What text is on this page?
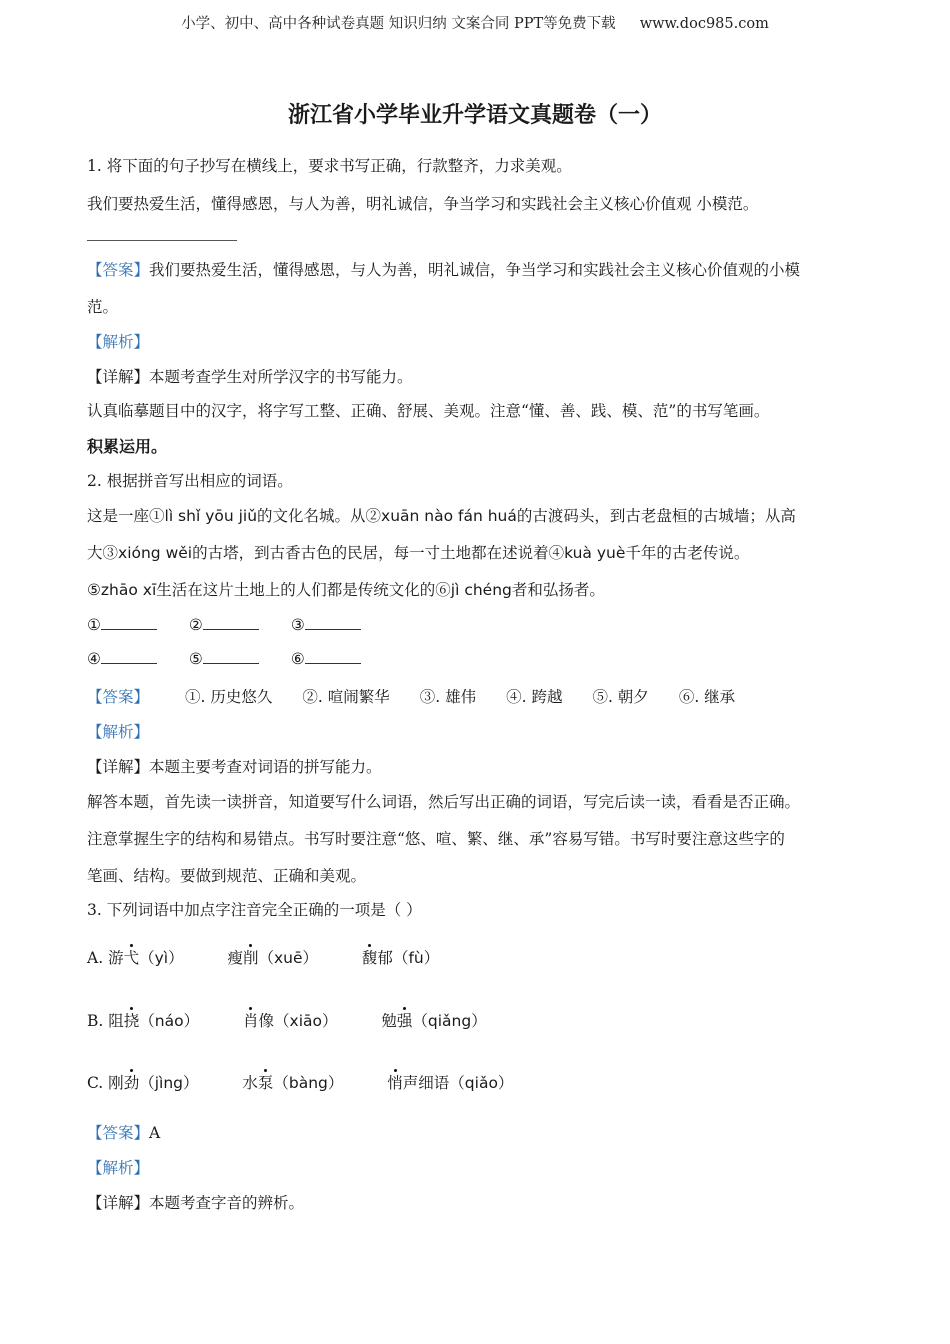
小学、初中、高中各种试卷真题 知识归纳 文案合同 PPT等免费下载 www.doc985.com
浙江省小学毕业升学语文真题卷（一）
1. 将下面的句子抄写在横线上，要求书写正确，行款整齐，力求美观。
我们要热爱生活，懂得感恩，与人为善，明礼诚信，争当学习和实践社会主义核心价值观 小模范。
【答案】我们要热爱生活，懂得感恩，与人为善，明礼诚信，争当学习和实践社会主义核心价值观的小模
范。
【解析】
【详解】本题考查学生对所学汉字的书写能力。
认真临摹题目中的汉字，将字写工整、正确、舒展、美观。注意“懂、善、践、模、范”的书写笔画。
积累运用。
2. 根据拼音写出相应的词语。
这是一座①lì shǐ yōu jiǔ的文化名城。从②xuān nào fán huá的古渡码头，到古老盘桓的古城墙；从高
大③xióng wěi的古塔，到古香古色的民居，每一寸土地都在述说着④kuà yuè千年的古老传说。
⑤zhāo xī生活在这片土地上的人们都是传统文化的⑥jì chéng者和弘扬者。
①	②	③
④	⑤	⑥
【答案】 ①. 历史悠久 ②. 喧闹繁华 ③. 雄伟 ④. 跨越 ⑤. 朝夕 ⑥. 继承
【解析】
【详解】本题主要考查对词语的拼写能力。
解答本题，首先读一读拼音，知道要写什么词语，然后写出正确的词语，写完后读一读，看看是否正确。
注意掌握生字的结构和易错点。书写时要注意“悠、喧、繁、继、承”容易写错。书写时要注意这些字的
笔画、结构。要做到规范、正确和美观。
3. 下列词语中加点字注音完全正确的一项是（ ）
A. 游弋（yì）	瘦削（xuē）	馥郁（fù）
B. 阻挠（náo）	肖像（xiāo）	勉强（qiǎng）
C. 刚劲（jìng）	水泵（bàng）	悄声细语（qiǎo）
【答案】A
【解析】
【详解】本题考查字音的辨析。
